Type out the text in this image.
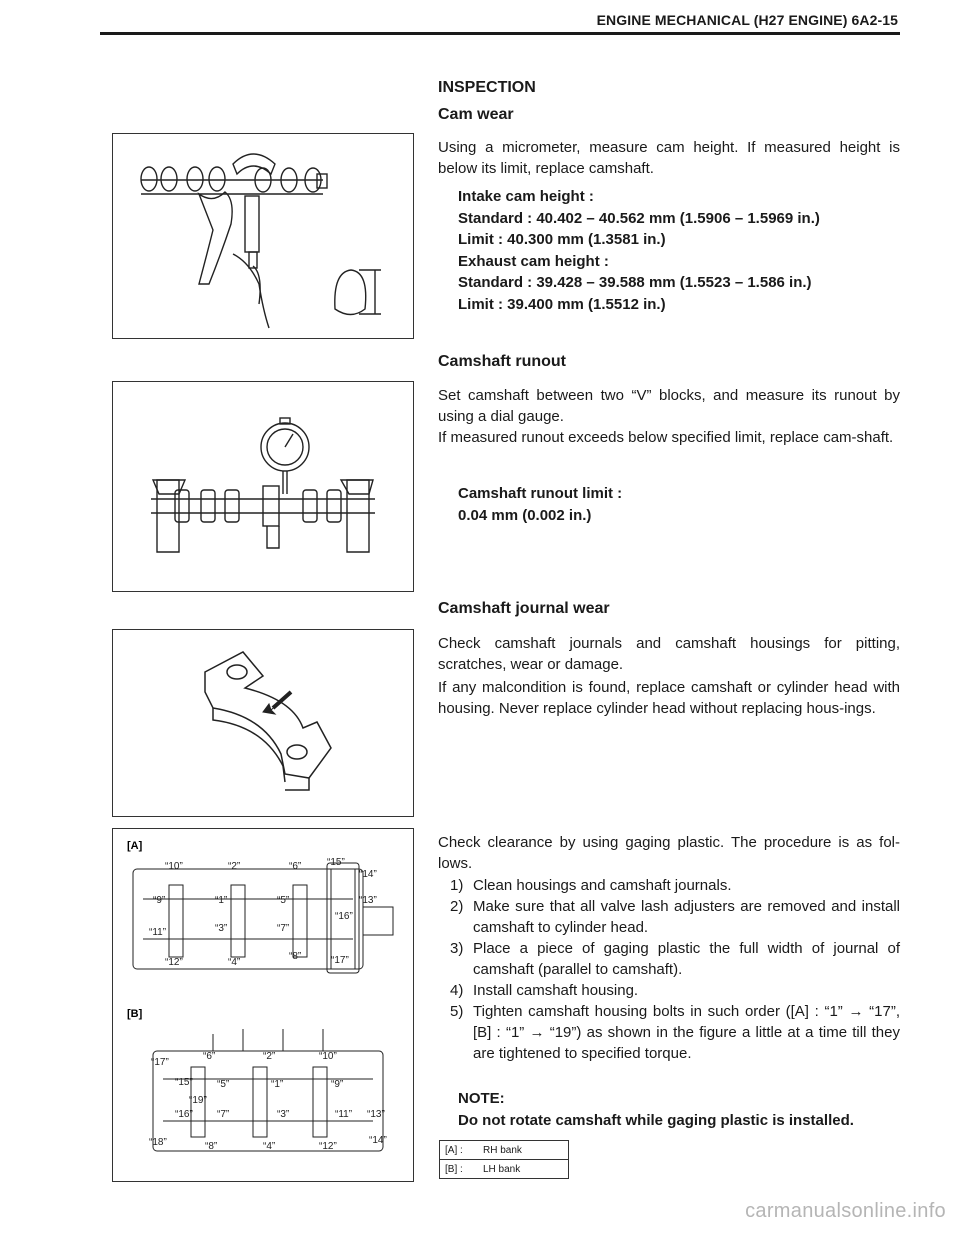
ENGINE MECHANICAL (H27 ENGINE) 6A2-15
INSPECTION
Cam wear
Using a micrometer, measure cam height. If measured height is below its limit, replace camshaft.
Intake cam height :
Standard : 40.402 – 40.562 mm (1.5906 – 1.5969 in.)
Limit : 40.300 mm (1.3581 in.)
Exhaust cam height :
Standard : 39.428 – 39.588 mm (1.5523 – 1.586 in.)
Limit : 39.400 mm (1.5512 in.)
Camshaft runout
Set camshaft between two “V” blocks, and measure its runout by using a dial gauge.
If measured runout exceeds below specified limit, replace cam-shaft.
Camshaft runout limit :
0.04 mm (0.002 in.)
Camshaft journal wear
Check camshaft journals and camshaft housings for pitting, scratches, wear or damage.
If any malcondition is found, replace camshaft or cylinder head with housing. Never replace cylinder head without replacing hous-ings.
[A]
[B]
“10”	“2”	“6”	“15”
“14”
“9”	“1”	“5”	“13”
“16”
“11”	“3”	“7”
“12”	“4”
“8”	“17”
“6”	“2”	“10”
“17”
“15” “5”	“1”	“9”
“19”
“16” “7”	“3”	“11” “13”
“18”	“8”	“4”	“12”
“14”
Check clearance by using gaging plastic. The procedure is as fol-lows.
1) Clean housings and camshaft journals.
2) Make sure that all valve lash adjusters are removed and install camshaft to cylinder head.
3) Place a piece of gaging plastic the full width of journal of camshaft (parallel to camshaft).
4) Install camshaft housing.
5) Tighten camshaft housing bolts in such order ([A] : “1” → “17”, [B] : “1” → “19”) as shown in the figure a little at a time till they are tightened to specified torque.
NOTE:
Do not rotate camshaft while gaging plastic is installed.
[A] :	RH bank
[B] :	LH bank
carmanualsonline.info
